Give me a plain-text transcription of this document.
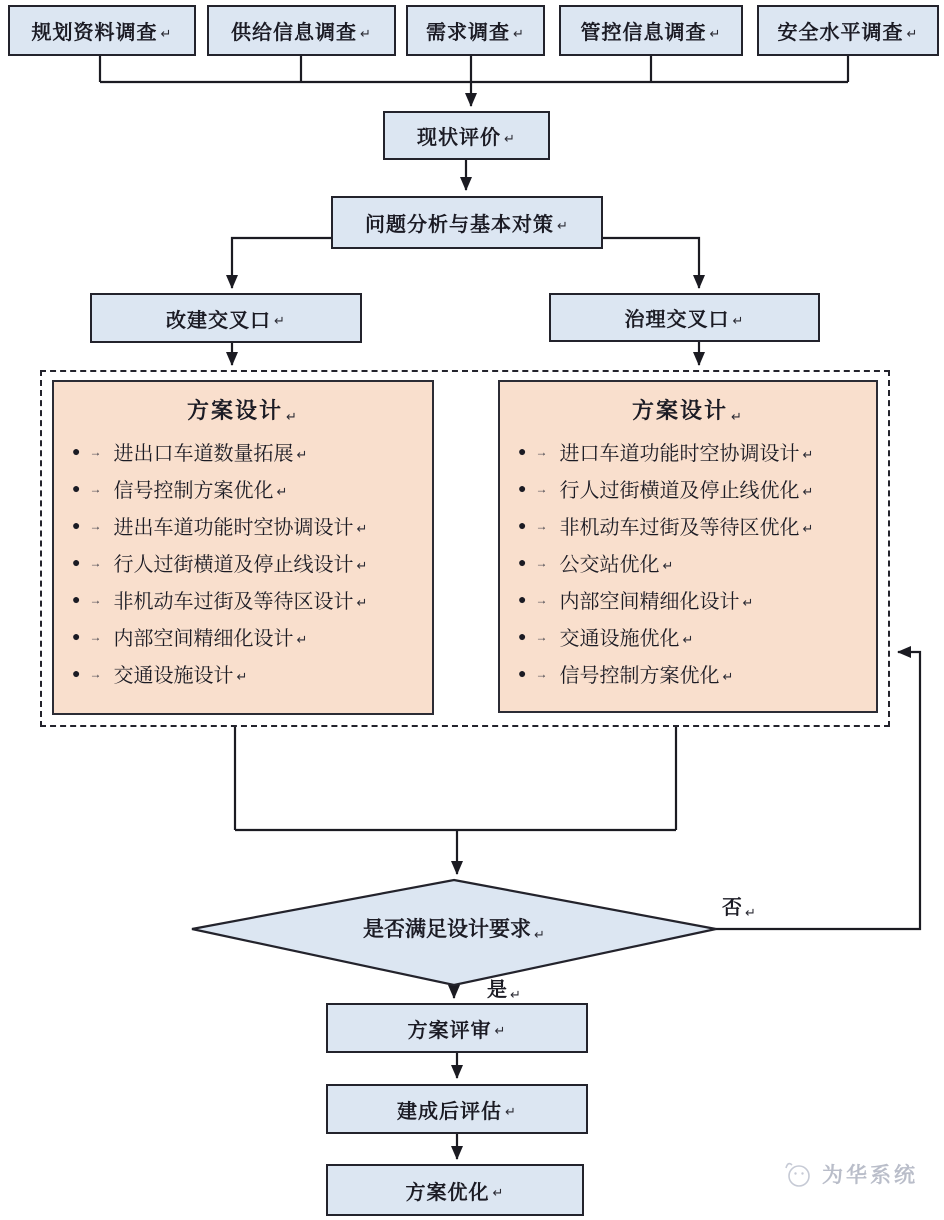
规划资料调查 ↵	供给信息调查 ↵	需求调查 ↵	管控信息调查 ↵	安全水平调查 ↵
现状评价 ↵
问题分析与基本对策 ↵
改建交叉口 ↵	治理交叉口 ↵
方案设计 ↵
● → 进出口车道数量拓展 ↵
● → 信号控制方案优化 ↵
● → 进出车道功能时空协调设计 ↵
● → 行人过街横道及停止线设计 ↵
● → 非机动车过街及等待区设计 ↵
● → 内部空间精细化设计 ↵
● → 交通设施设计 ↵
方案设计 ↵
● → 进口车道功能时空协调设计 ↵
● → 行人过街横道及停止线优化 ↵
● → 非机动车过街及等待区优化 ↵
● → 公交站优化 ↵
● → 内部空间精细化设计 ↵
● → 交通设施优化 ↵
● → 信号控制方案优化 ↵
是否满足设计要求 ↵
否 ↵
是 ↵
方案评审 ↵
建成后评估 ↵
方案优化 ↵
为华系统
